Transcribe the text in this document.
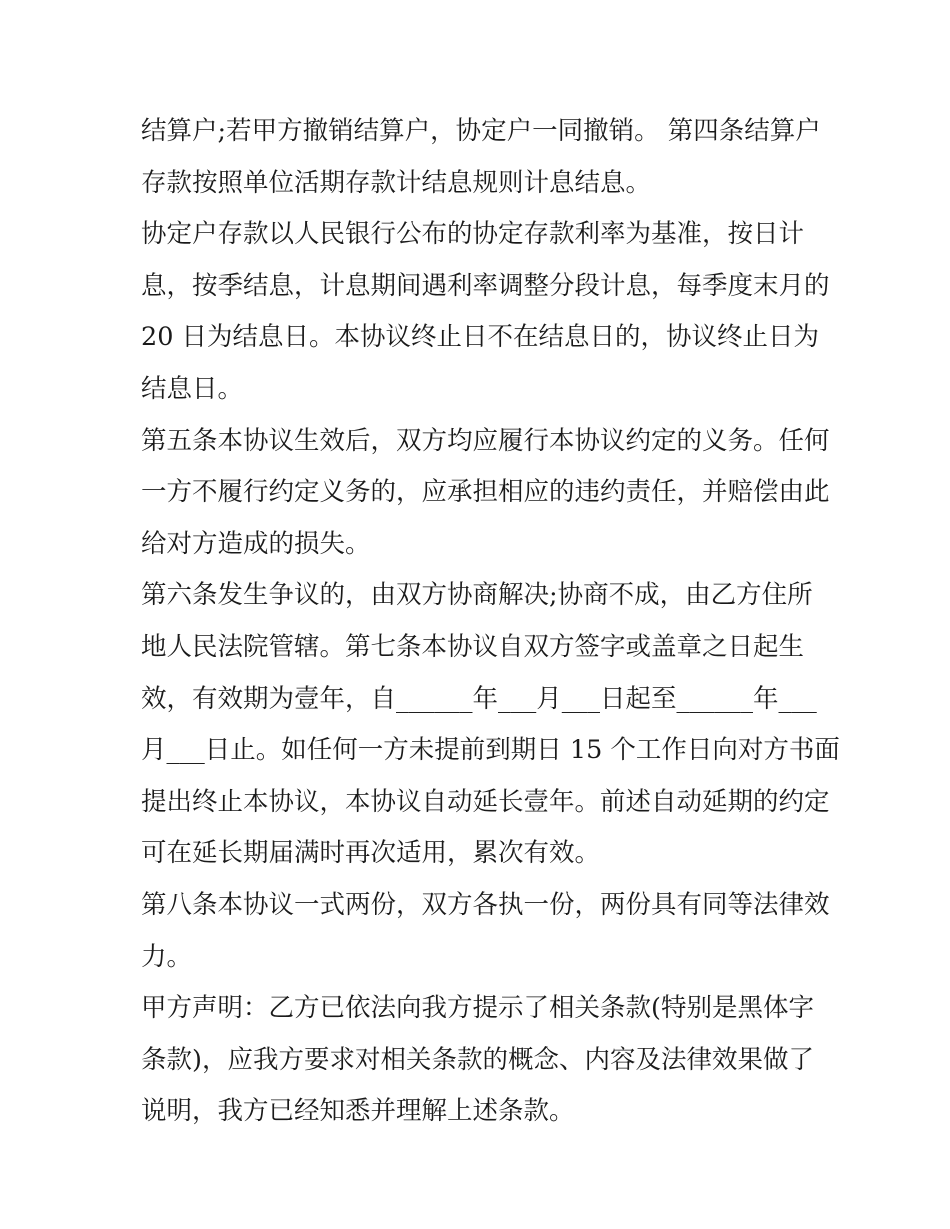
结算户;若甲方撤销结算户，协定户一同撤销。 第四条结算户
存款按照单位活期存款计结息规则计息结息。
协定户存款以人民银行公布的协定存款利率为基准，按日计
息，按季结息，计息期间遇利率调整分段计息，每季度末月的
20 日为结息日。本协议终止日不在结息日的，协议终止日为
结息日。
第五条本协议生效后，双方均应履行本协议约定的义务。任何
一方不履行约定义务的，应承担相应的违约责任，并赔偿由此
给对方造成的损失。
第六条发生争议的，由双方协商解决;协商不成，由乙方住所
地人民法院管辖。第七条本协议自双方签字或盖章之日起生
效，有效期为壹年，自______年___月___日起至______年___
月___日止。如任何一方未提前到期日 15 个工作日向对方书面
提出终止本协议，本协议自动延长壹年。前述自动延期的约定
可在延长期届满时再次适用，累次有效。
第八条本协议一式两份，双方各执一份，两份具有同等法律效
力。
甲方声明：乙方已依法向我方提示了相关条款(特别是黑体字
条款)，应我方要求对相关条款的概念、内容及法律效果做了
说明，我方已经知悉并理解上述条款。
